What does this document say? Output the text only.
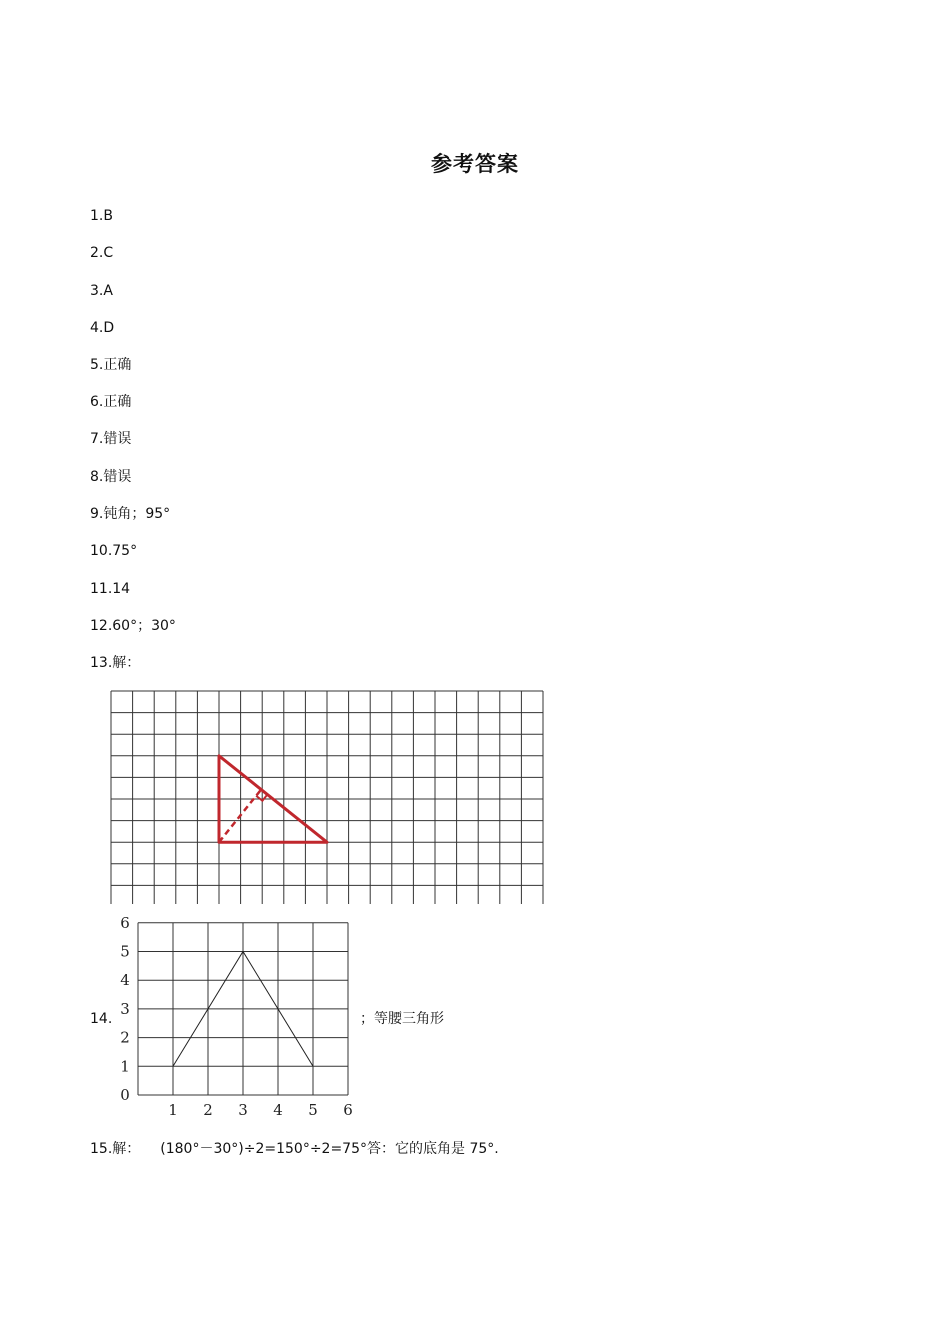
参考答案
1.B
2.C
3.A
4.D
5.正确
6.正确
7.错误
8.错误
9.钝角；95°
10.75°
11.14
12.60°；30°
13.解：
14.
1 2 3 4 5 6
0
1
2
3
4
5
6
；等腰三角形
15.解： (180°－30°)÷2=150°÷2=75°答：它的底角是 75°.
